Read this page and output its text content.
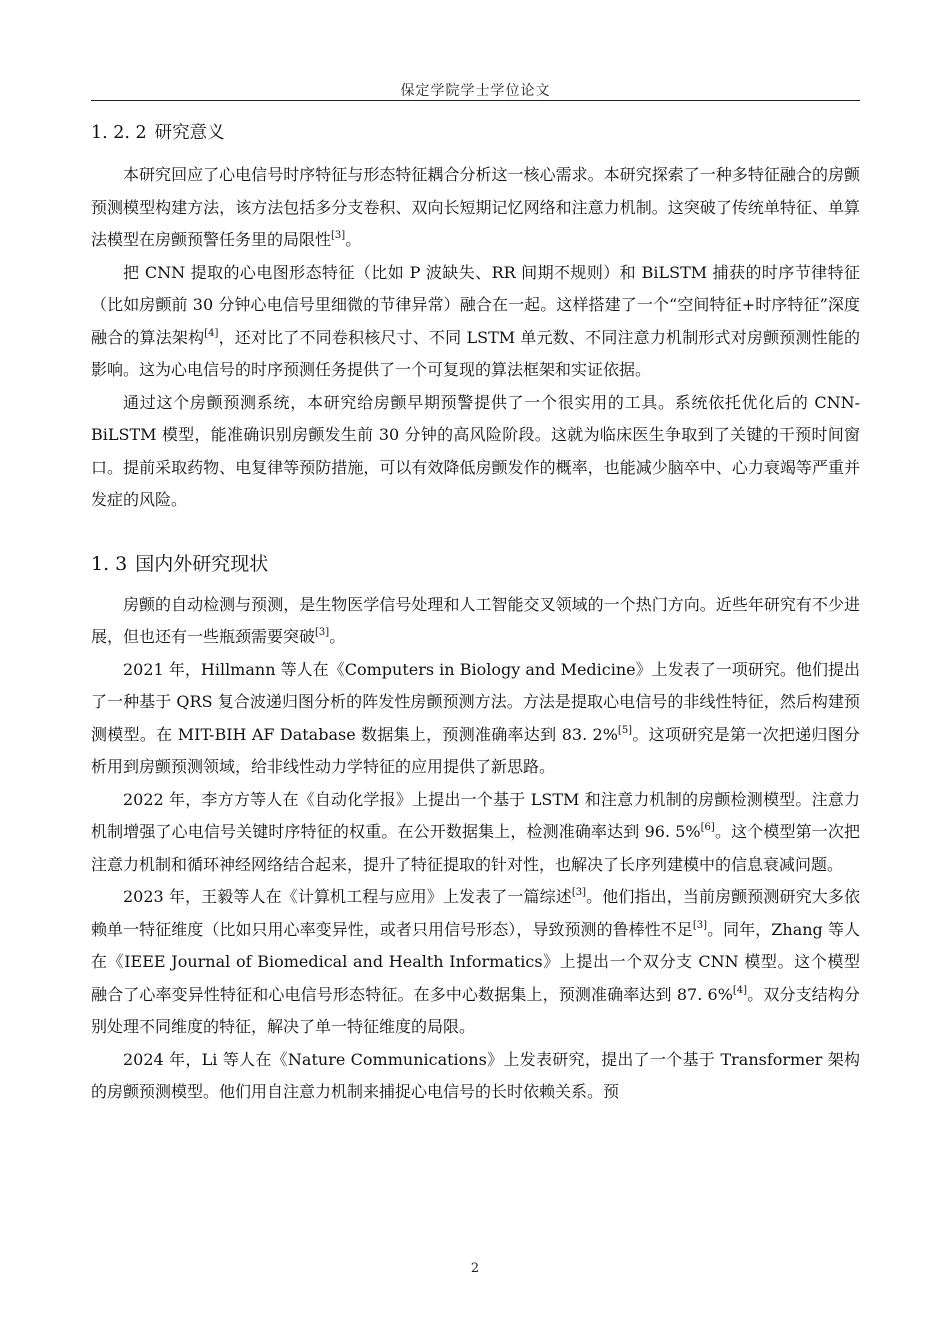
保定学院学士学位论文
1. 2. 2 研究意义

本研究回应了心电信号时序特征与形态特征耦合分析这一核心需求。本研究探索了一种多特征融合的房颤预测模型构建方法，该方法包括多分支卷积、双向长短期记忆网络和注意力机制。这突破了传统单特征、单算法模型在房颤预警任务里的局限性[3]。

把 CNN 提取的心电图形态特征（比如 P 波缺失、RR 间期不规则）和 BiLSTM 捕获的时序节律特征（比如房颤前 30 分钟心电信号里细微的节律异常）融合在一起。这样搭建了一个“空间特征+时序特征”深度融合的算法架构[4]，还对比了不同卷积核尺寸、不同 LSTM 单元数、不同注意力机制形式对房颤预测性能的影响。这为心电信号的时序预测任务提供了一个可复现的算法框架和实证依据。

通过这个房颤预测系统，本研究给房颤早期预警提供了一个很实用的工具。系统依托优化后的 CNN-BiLSTM 模型，能准确识别房颤发生前 30 分钟的高风险阶段。这就为临床医生争取到了关键的干预时间窗口。提前采取药物、电复律等预防措施，可以有效降低房颤发作的概率，也能减少脑卒中、心力衰竭等严重并发症的风险。

1. 3 国内外研究现状

房颤的自动检测与预测，是生物医学信号处理和人工智能交叉领域的一个热门方向。近些年研究有不少进展，但也还有一些瓶颈需要突破[3]。

2021 年，Hillmann 等人在《Computers in Biology and Medicine》上发表了一项研究。他们提出了一种基于 QRS 复合波递归图分析的阵发性房颤预测方法。方法是提取心电信号的非线性特征，然后构建预测模型。在 MIT-BIH AF Database 数据集上，预测准确率达到 83. 2%[5]。这项研究是第一次把递归图分析用到房颤预测领域，给非线性动力学特征的应用提供了新思路。

2022 年，李方方等人在《自动化学报》上提出一个基于 LSTM 和注意力机制的房颤检测模型。注意力机制增强了心电信号关键时序特征的权重。在公开数据集上，检测准确率达到 96. 5%[6]。这个模型第一次把注意力机制和循环神经网络结合起来，提升了特征提取的针对性，也解决了长序列建模中的信息衰减问题。

2023 年，王毅等人在《计算机工程与应用》上发表了一篇综述[3]。他们指出，当前房颤预测研究大多依赖单一特征维度（比如只用心率变异性，或者只用信号形态），导致预测的鲁棒性不足[3]。同年，Zhang 等人在《IEEE Journal of Biomedical and Health Informatics》上提出一个双分支 CNN 模型。这个模型融合了心率变异性特征和心电信号形态特征。在多中心数据集上，预测准确率达到 87. 6%[4]。双分支结构分别处理不同维度的特征，解决了单一特征维度的局限。

2024 年，Li 等人在《Nature Communications》上发表研究，提出了一个基于 Transformer 架构的房颤预测模型。他们用自注意力机制来捕捉心电信号的长时依赖关系。预

2
